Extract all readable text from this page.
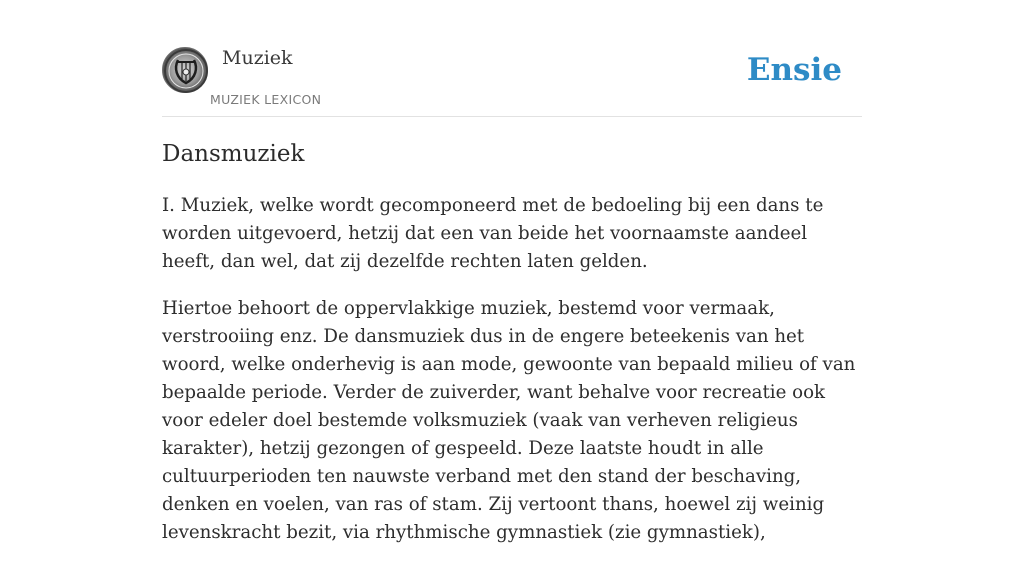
Muziek
MUZIEK LEXICON
Ensie
Dansmuziek

I. Muziek, welke wordt gecomponeerd met de bedoeling bij een dans te worden uitgevoerd, hetzij dat een van beide het voornaamste aandeel heeft, dan wel, dat zij dezelfde rechten laten gelden.

Hiertoe behoort de oppervlakkige muziek, bestemd voor vermaak, verstrooiing enz. De dansmuziek dus in de engere beteekenis van het woord, welke onderhevig is aan mode, gewoonte van bepaald milieu of van bepaalde periode. Verder de zuiverder, want behalve voor recreatie ook voor edeler doel bestemde volksmuziek (vaak van verheven religieus karakter), hetzij gezongen of gespeeld. Deze laatste houdt in alle cultuurperioden ten nauwste verband met den stand der beschaving, denken en voelen, van ras of stam. Zij vertoont thans, hoewel zij weinig levenskracht bezit, via rhythmische gymnastiek (zie gymnastiek),
